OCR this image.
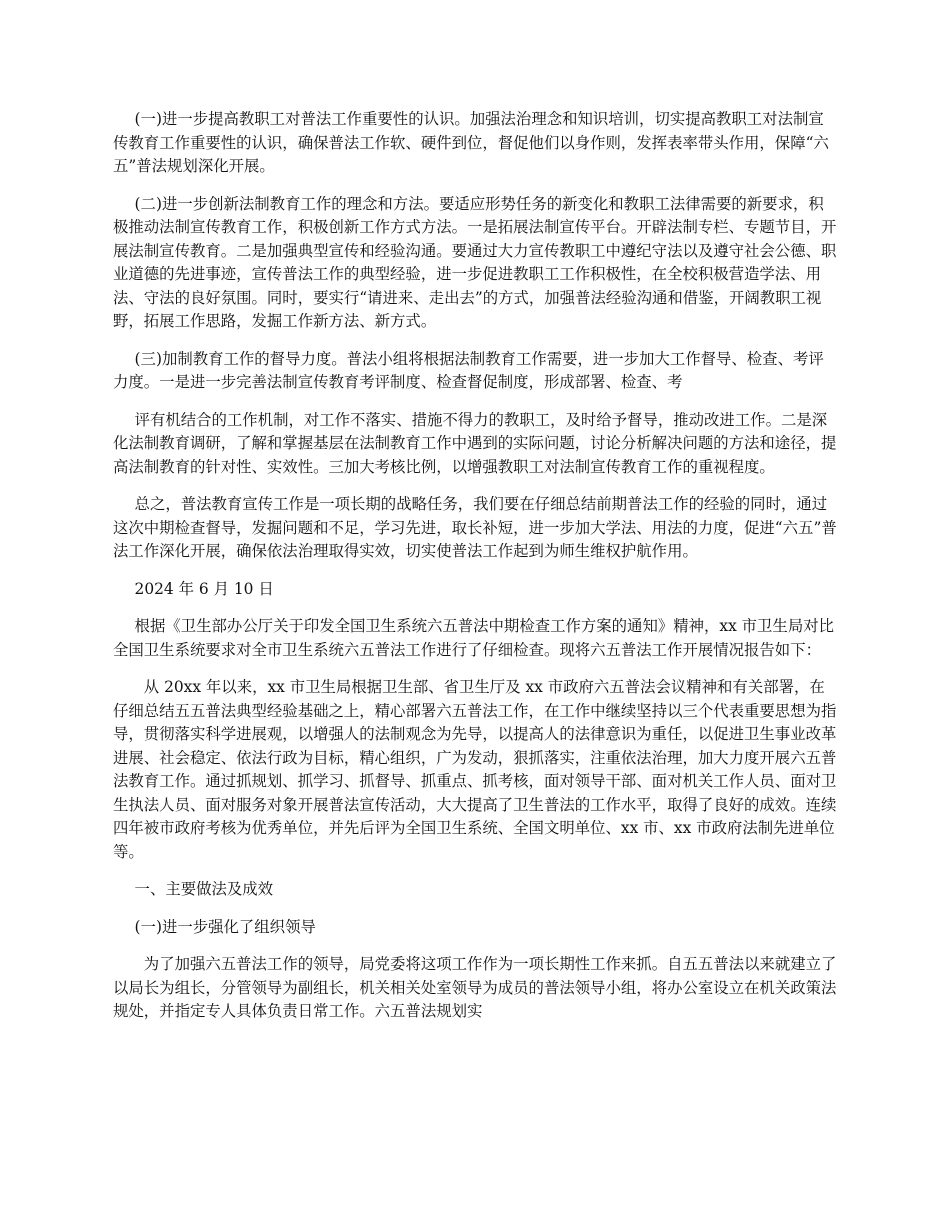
(一)进一步提高教职工对普法工作重要性的认识。加强法治理念和知识培训，切实提高教职工对法制宣传教育工作重要性的认识，确保普法工作软、硬件到位，督促他们以身作则，发挥表率带头作用，保障“六五”普法规划深化开展。

(二)进一步创新法制教育工作的理念和方法。要适应形势任务的新变化和教职工法律需要的新要求，积极推动法制宣传教育工作，积极创新工作方式方法。一是拓展法制宣传平台。开辟法制专栏、专题节目，开展法制宣传教育。二是加强典型宣传和经验沟通。要通过大力宣传教职工中遵纪守法以及遵守社会公德、职业道德的先进事迹，宣传普法工作的典型经验，进一步促进教职工工作积极性，在全校积极营造学法、用法、守法的良好氛围。同时，要实行“请进来、走出去”的方式，加强普法经验沟通和借鉴，开阔教职工视野，拓展工作思路，发掘工作新方法、新方式。

(三)加制教育工作的督导力度。普法小组将根据法制教育工作需要，进一步加大工作督导、检查、考评力度。一是进一步完善法制宣传教育考评制度、检查督促制度，形成部署、检查、考

评有机结合的工作机制，对工作不落实、措施不得力的教职工，及时给予督导，推动改进工作。二是深化法制教育调研，了解和掌握基层在法制教育工作中遇到的实际问题，讨论分析解决问题的方法和途径，提高法制教育的针对性、实效性。三加大考核比例，以增强教职工对法制宣传教育工作的重视程度。

总之，普法教育宣传工作是一项长期的战略任务，我们要在仔细总结前期普法工作的经验的同时，通过这次中期检查督导，发掘问题和不足，学习先进，取长补短，进一步加大学法、用法的力度，促进“六五”普法工作深化开展，确保依法治理取得实效，切实使普法工作起到为师生维权护航作用。

2024 年 6 月 10 日

根据《卫生部办公厅关于印发全国卫生系统六五普法中期检查工作方案的通知》精神，xx 市卫生局对比全国卫生系统要求对全市卫生系统六五普法工作进行了仔细检查。现将六五普法工作开展情况报告如下：

从 20xx 年以来，xx 市卫生局根据卫生部、省卫生厅及 xx 市政府六五普法会议精神和有关部署，在仔细总结五五普法典型经验基础之上，精心部署六五普法工作，在工作中继续坚持以三个代表重要思想为指导，贯彻落实科学进展观，以增强人的法制观念为先导，以提高人的法律意识为重任，以促进卫生事业改革进展、社会稳定、依法行政为目标，精心组织，广为发动，狠抓落实，注重依法治理，加大力度开展六五普法教育工作。通过抓规划、抓学习、抓督导、抓重点、抓考核，面对领导干部、面对机关工作人员、面对卫生执法人员、面对服务对象开展普法宣传活动，大大提高了卫生普法的工作水平，取得了良好的成效。连续四年被市政府考核为优秀单位，并先后评为全国卫生系统、全国文明单位、xx 市、xx 市政府法制先进单位等。

一、主要做法及成效

(一)进一步强化了组织领导

为了加强六五普法工作的领导，局党委将这项工作作为一项长期性工作来抓。自五五普法以来就建立了以局长为组长，分管领导为副组长，机关相关处室领导为成员的普法领导小组，将办公室设立在机关政策法规处，并指定专人具体负责日常工作。六五普法规划实
